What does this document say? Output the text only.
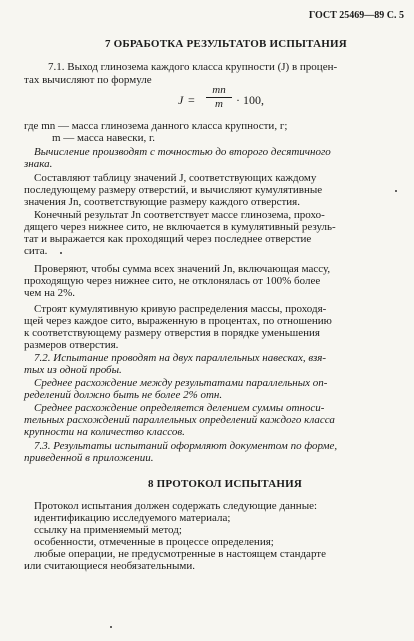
ГОСТ 25469—89 С. 5
7 ОБРАБОТКА РЕЗУЛЬТАТОВ ИСПЫТАНИЯ
7.1. Выход глинозема каждого класса крупности (J) в процен-
тах вычисляют по формуле
$J = \frac{mn}{m} \cdot 100$,
где mn — масса глинозема данного класса крупности, г;
m — масса навески, г.
Вычисление производят с точностью до второго десятичного
знака.
Составляют таблицу значений J, соответствующих каждому
последующему размеру отверстий, и вычисляют кумулятивные
значения Jn, соответствующие размеру каждого отверстия.
Конечный результат Jn соответствует массе глинозема, прохо-
дящего через нижнее сито, не включается в кумулятивный резуль-
тат и выражается как проходящий через последнее отверстие
сита.
Проверяют, чтобы сумма всех значений Jn, включающая массу,
проходящую через нижнее сито, не отклонялась от 100% более
чем на 2%.
Строят кумулятивную кривую распределения массы, проходя-
щей через каждое сито, выраженную в процентах, по отношению
к соответствующему размеру отверстия в порядке уменьшения
размеров отверстия.
7.2. Испытание проводят на двух параллельных навесках, взя-
тых из одной пробы.
Среднее расхождение между результатами параллельных оп-
ределений должно быть не более 2% отн.
Среднее расхождение определяется делением суммы относи-
тельных расхождений параллельных определений каждого класса
крупности на количество классов.
7.3. Результаты испытаний оформляют документом по форме,
приведенной в приложении.
8 ПРОТОКОЛ ИСПЫТАНИЯ
Протокол испытания должен содержать следующие данные:
идентификацию исследуемого материала;
ссылку на применяемый метод;
особенности, отмеченные в процессе определения;
любые операции, не предусмотренные в настоящем стандарте
или считающиеся необязательными.
